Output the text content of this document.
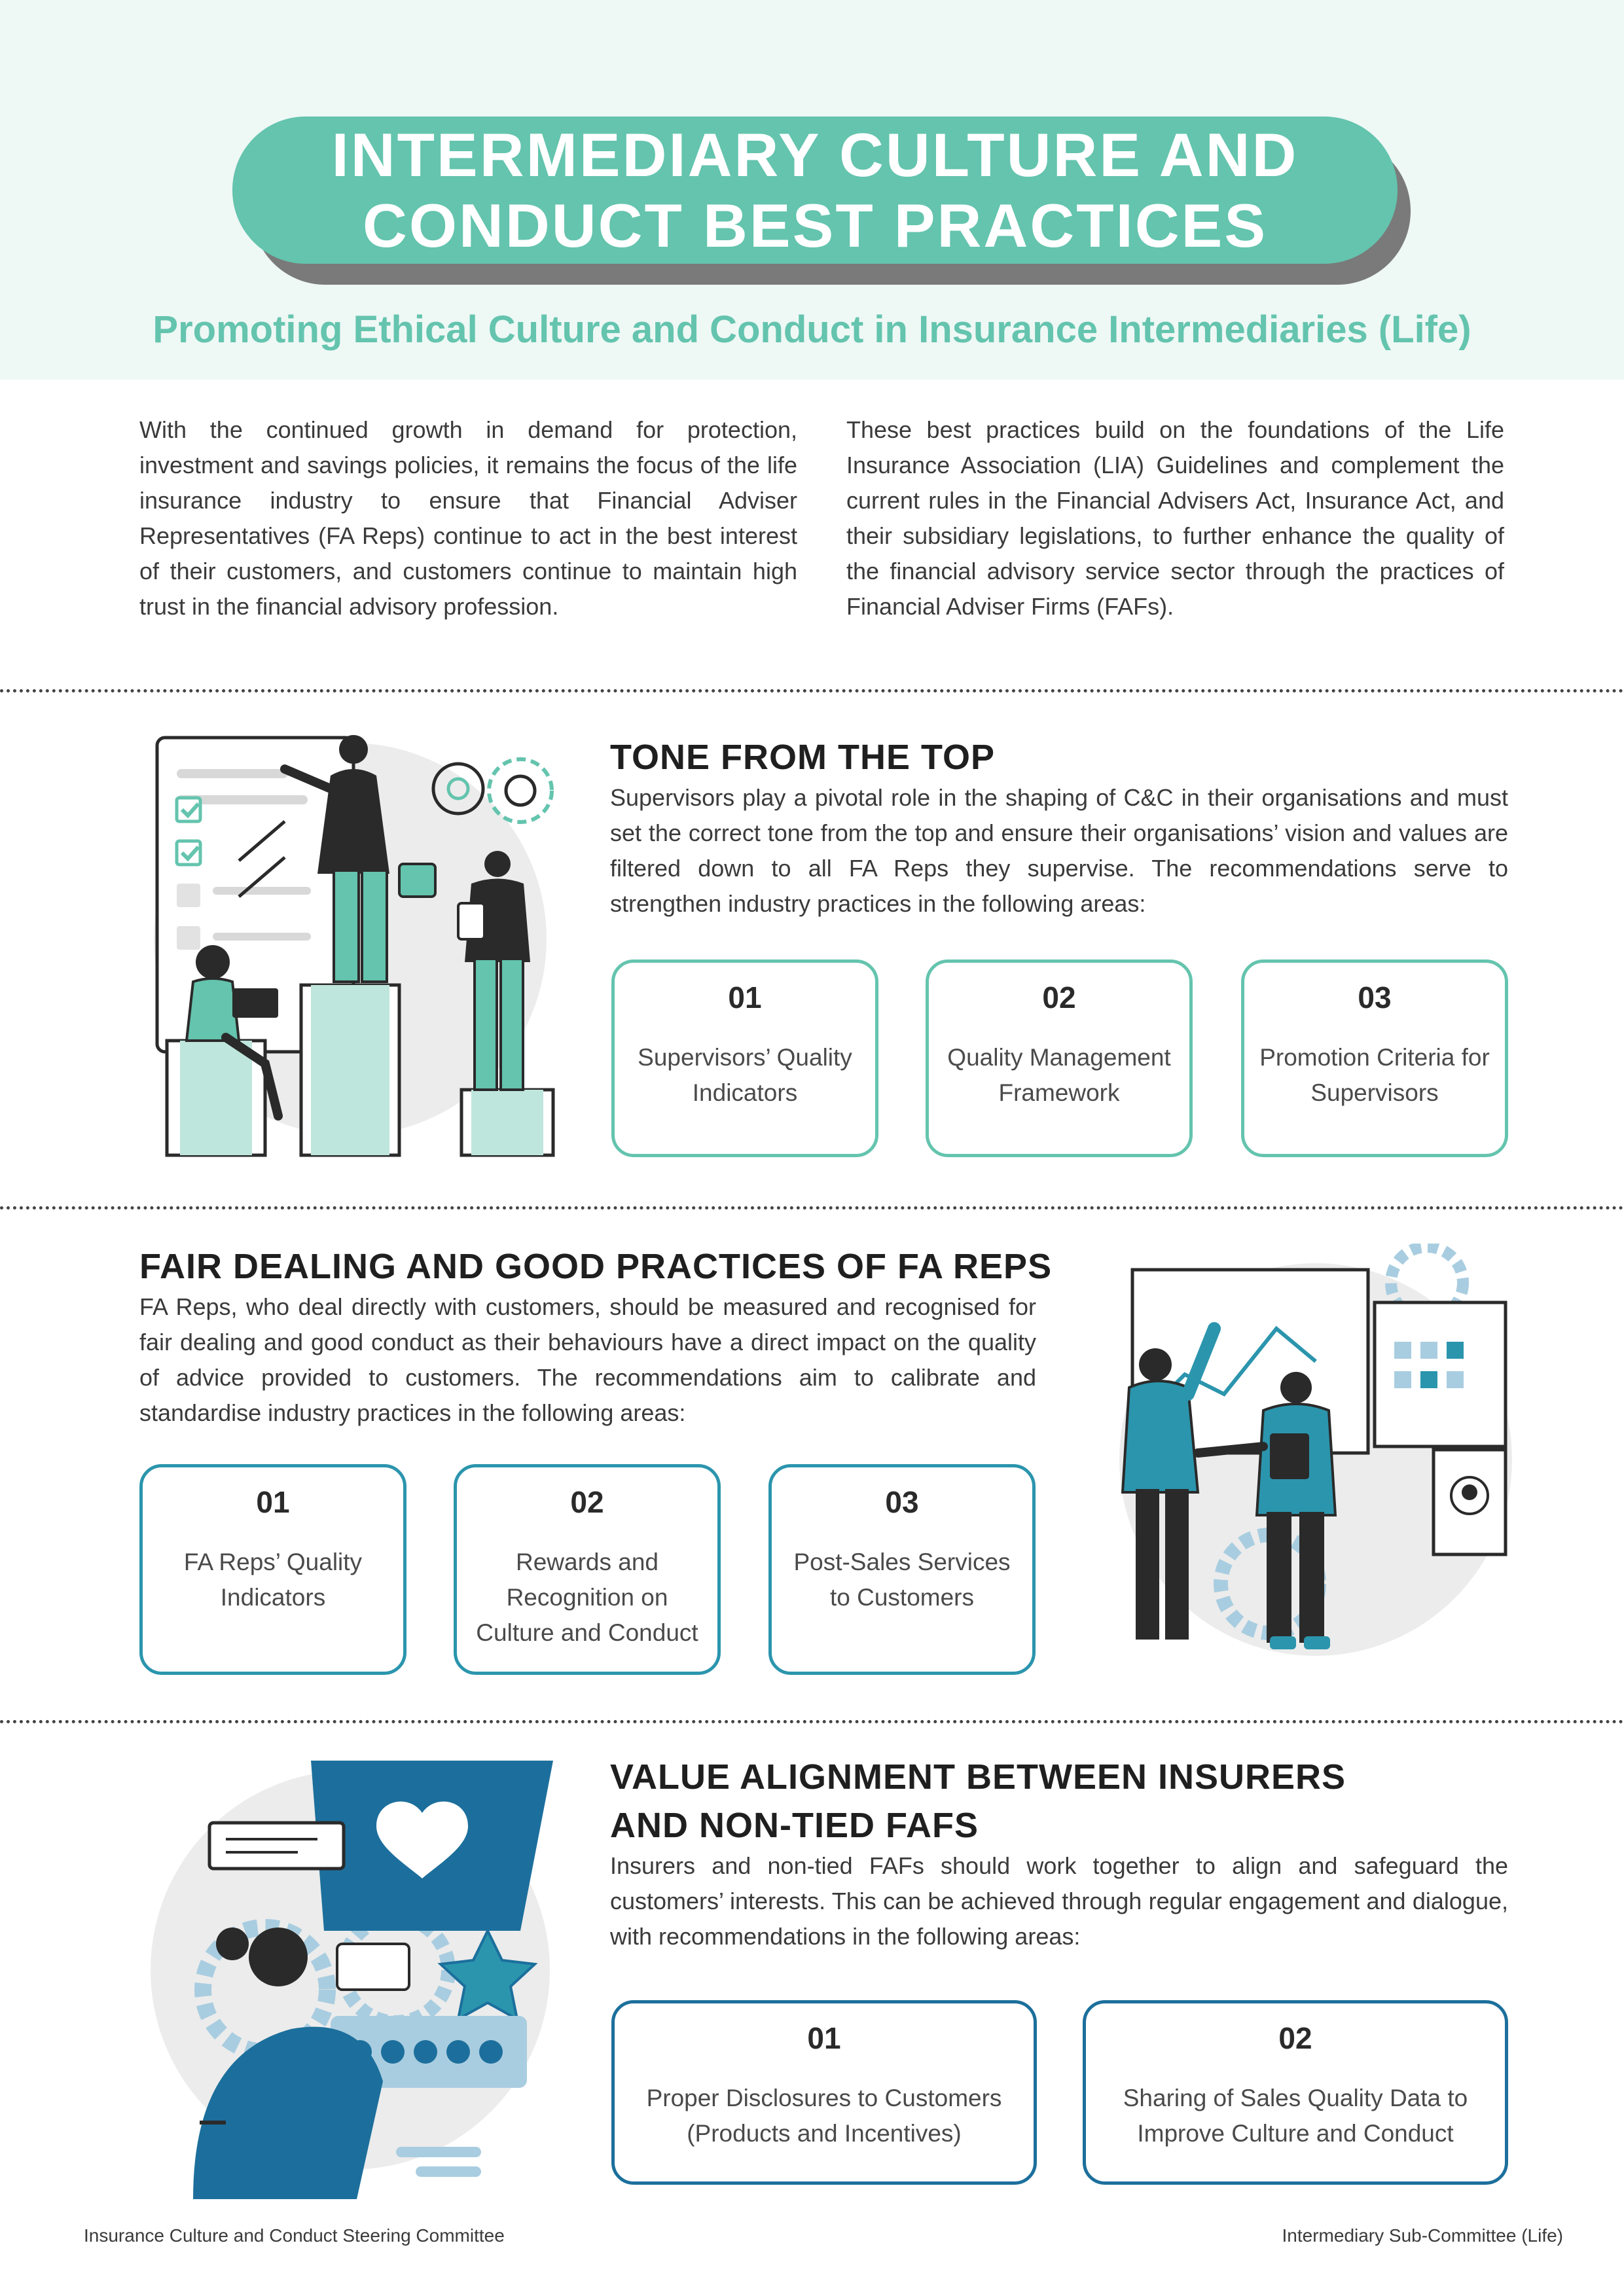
INTERMEDIARY CULTURE AND
CONDUCT BEST PRACTICES
Promoting Ethical Culture and Conduct in Insurance Intermediaries (Life)
With the continued growth in demand for protection, investment and savings policies, it remains the focus of the life insurance industry to ensure that Financial Adviser Representatives (FA Reps) continue to act in the best interest of their customers, and customers continue to maintain high trust in the financial advisory profession.
These best practices build on the foundations of the Life Insurance Association (LIA) Guidelines and complement the current rules in the Financial Advisers Act, Insurance Act, and their subsidiary legislations, to further enhance the quality of the financial advisory service sector through the practices of Financial Adviser Firms (FAFs).
TONE FROM THE TOP
Supervisors play a pivotal role in the shaping of C&C in their organisations and must set the correct tone from the top and ensure their organisations’ vision and values are filtered down to all FA Reps they supervise. The recommendations serve to strengthen industry practices in the following areas:
01
Supervisors’ Quality Indicators
02
Quality Management Framework
03
Promotion Criteria for Supervisors
FAIR DEALING AND GOOD PRACTICES OF FA REPS
FA Reps, who deal directly with customers, should be measured and recognised for fair dealing and good conduct as their behaviours have a direct impact on the quality of advice provided to customers. The recommendations aim to calibrate and standardise industry practices in the following areas:
01
FA Reps’ Quality Indicators
02
Rewards and Recognition on Culture and Conduct
03
Post-Sales Services to Customers
VALUE ALIGNMENT BETWEEN INSURERS
AND NON-TIED FAFS
Insurers and non-tied FAFs should work together to align and safeguard the customers’ interests. This can be achieved through regular engagement and dialogue, with recommendations in the following areas:
01
Proper Disclosures to Customers (Products and Incentives)
02
Sharing of Sales Quality Data to Improve Culture and Conduct
Insurance Culture and Conduct Steering Committee	Intermediary Sub-Committee (Life)
